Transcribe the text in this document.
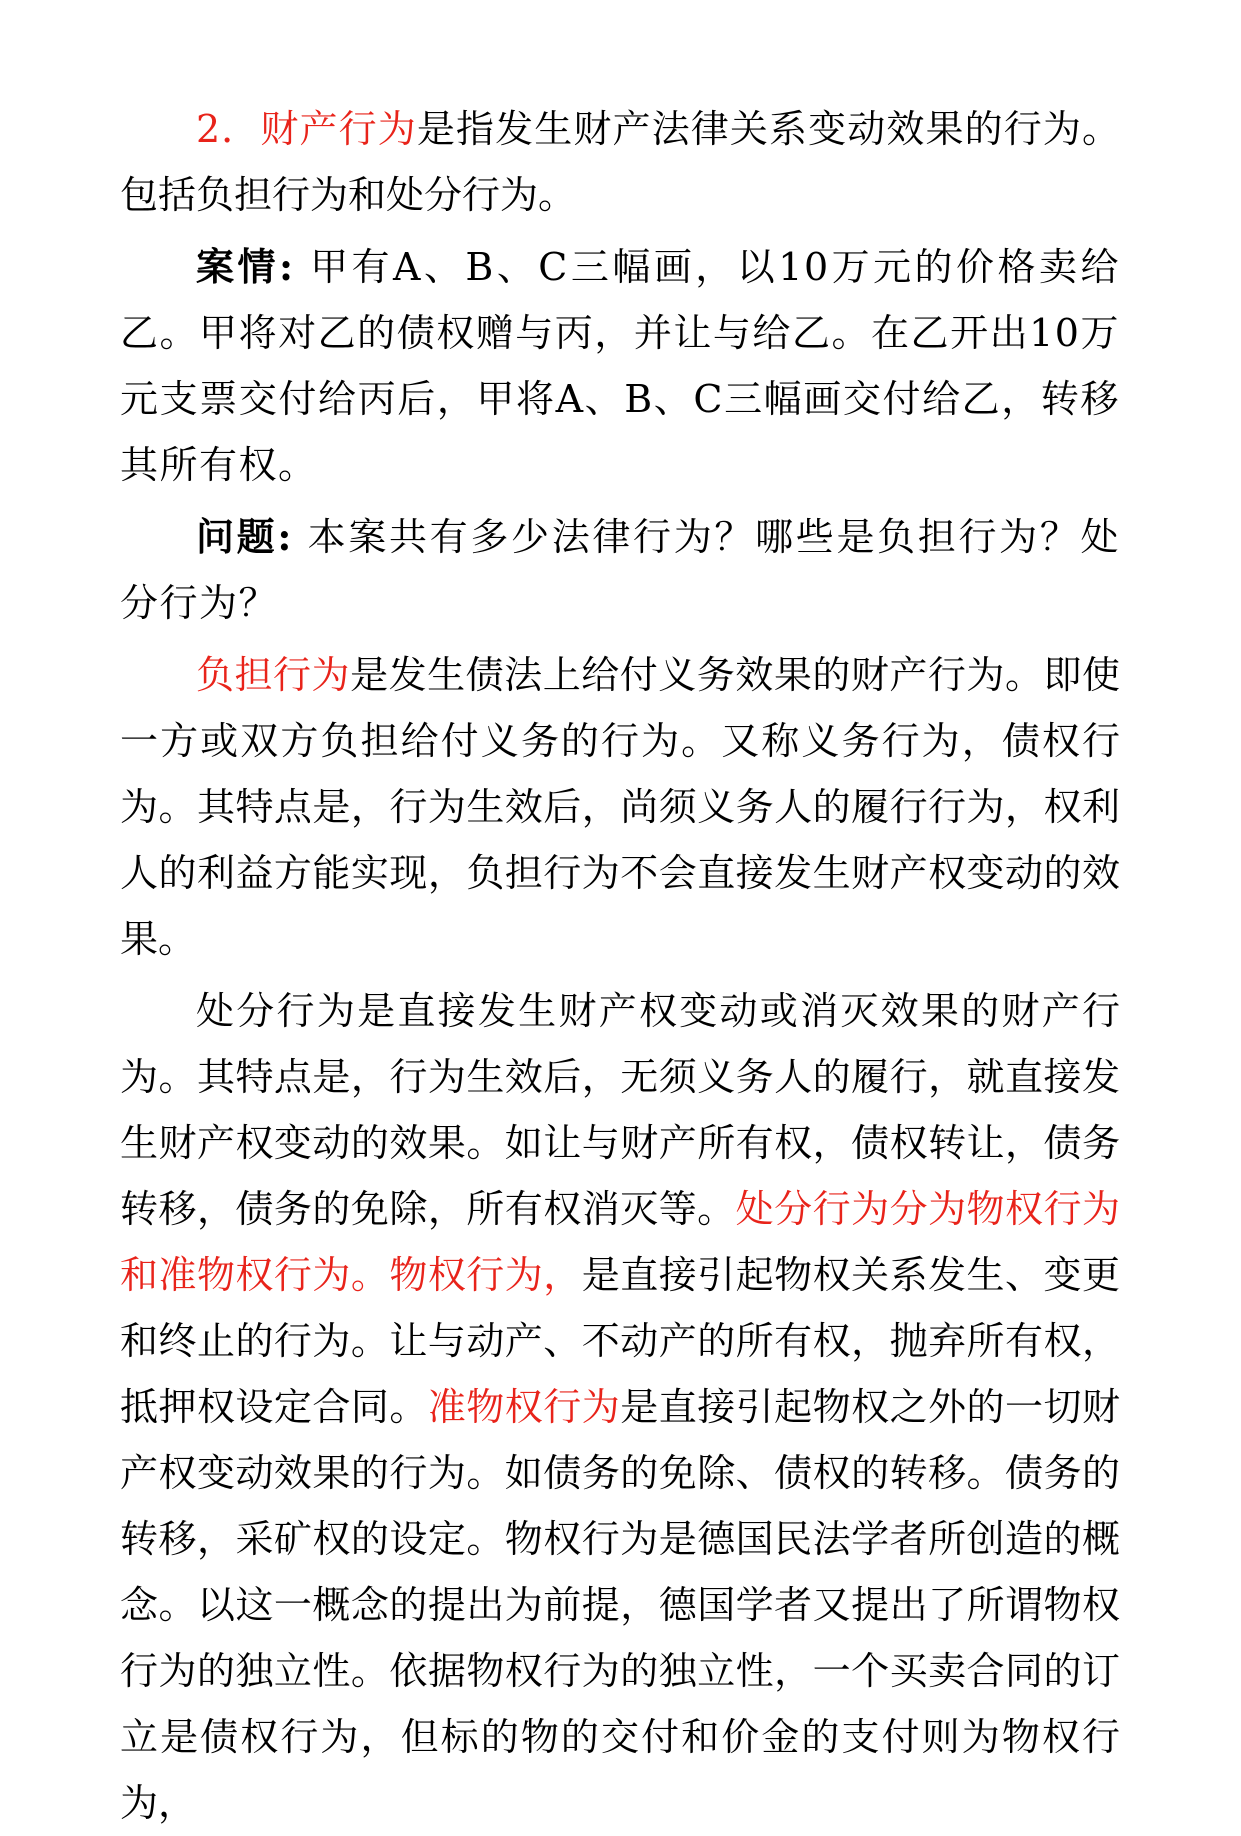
2．财产行为是指发生财产法律关系变动效果的行为。包括负担行为和处分行为。

案情: 甲有A、B、C三幅画，以10万元的价格卖给乙。甲将对乙的债权赠与丙，并让与给乙。在乙开出10万元支票交付给丙后，甲将A、B、C三幅画交付给乙，转移其所有权。

问题: 本案共有多少法律行为？哪些是负担行为？处分行为？

负担行为是发生债法上给付义务效果的财产行为。即使一方或双方负担给付义务的行为。又称义务行为，债权行为。其特点是，行为生效后，尚须义务人的履行行为，权利人的利益方能实现，负担行为不会直接发生财产权变动的效果。

处分行为是直接发生财产权变动或消灭效果的财产行为。其特点是，行为生效后，无须义务人的履行，就直接发生财产权变动的效果。如让与财产所有权，债权转让，债务转移，债务的免除，所有权消灭等。处分行为分为物权行为和准物权行为。物权行为，是直接引起物权关系发生、变更和终止的行为。让与动产、不动产的所有权，抛弃所有权，抵押权设定合同。准物权行为是直接引起物权之外的一切财产权变动效果的行为。如债务的免除、债权的转移。债务的转移，采矿权的设定。物权行为是德国民法学者所创造的概念。以这一概念的提出为前提，德国学者又提出了所谓物权行为的独立性。依据物权行为的独立性，一个买卖合同的订立是债权行为，但标的物的交付和价金的支付则为物权行为，
